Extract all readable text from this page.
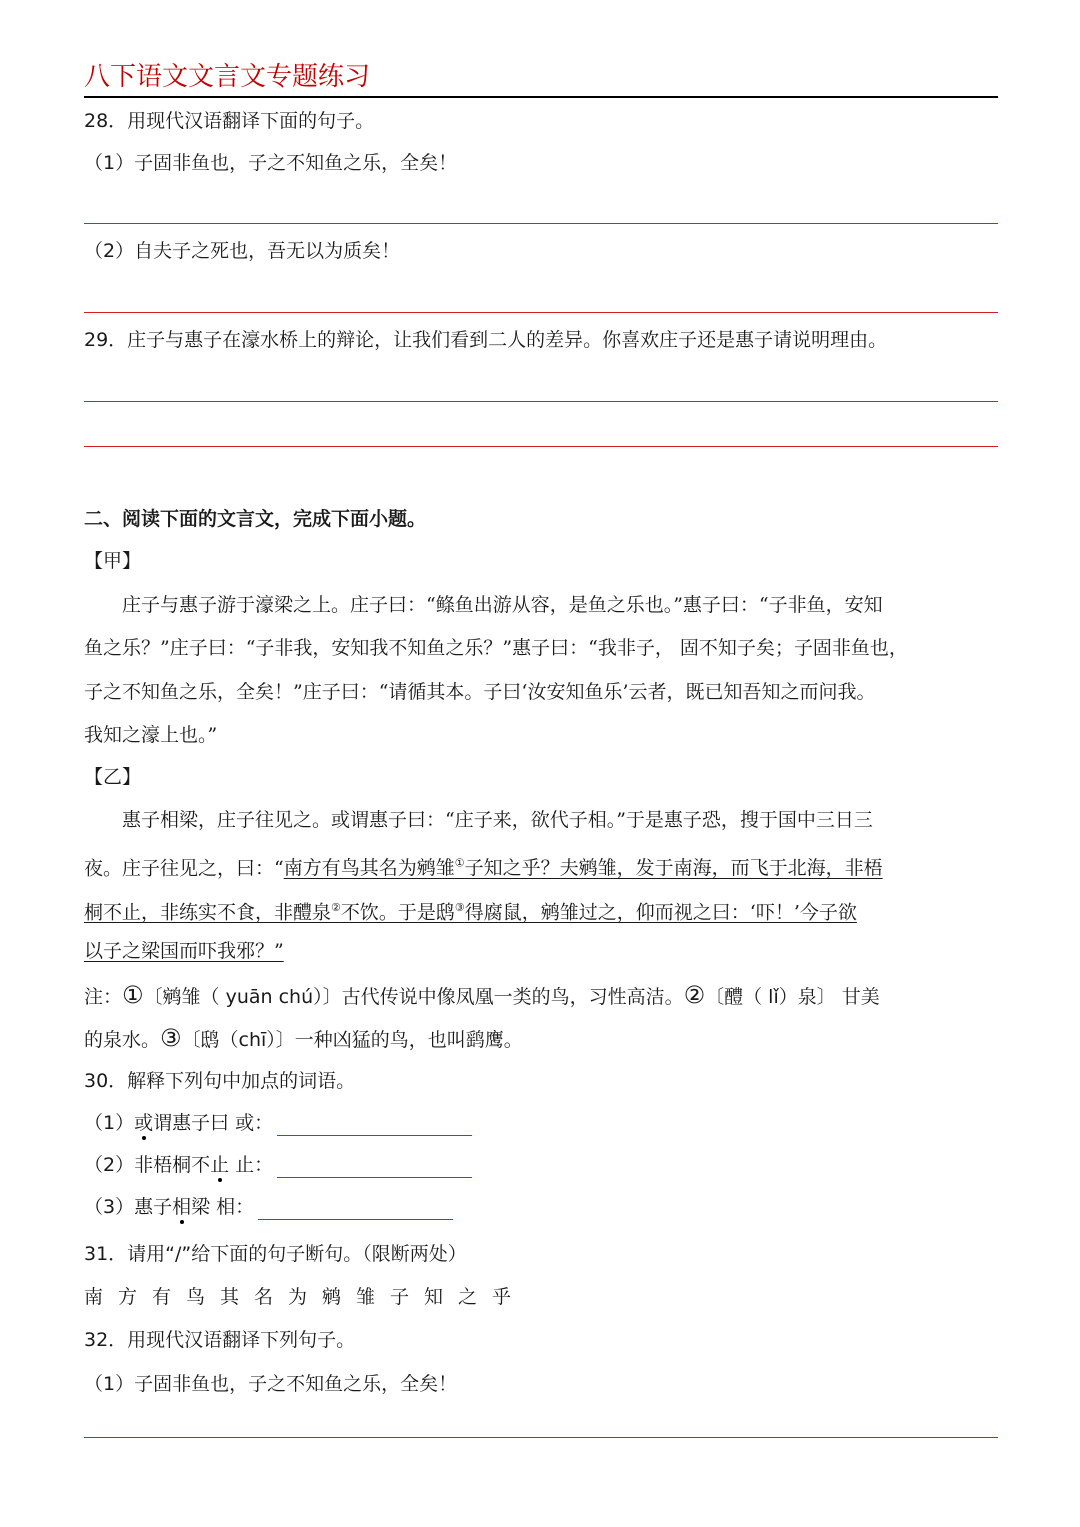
八下语文文言文专题练习
28．用现代汉语翻译下面的句子。
（1）子固非鱼也，子之不知鱼之乐，全矣！
（2）自夫子之死也，吾无以为质矣！
29．庄子与惠子在濠水桥上的辩论，让我们看到二人的差异。你喜欢庄子还是惠子请说明理由。
二、阅读下面的文言文，完成下面小题。
【甲】
庄子与惠子游于濠梁之上。庄子曰：“鲦鱼出游从容，是鱼之乐也。”惠子曰：“子非鱼，安知
鱼之乐？”庄子曰：“子非我，安知我不知鱼之乐？”惠子曰：“我非子， 固不知子矣；子固非鱼也，
子之不知鱼之乐，全矣！”庄子曰：“请循其本。子曰‘汝安知鱼乐’云者，既已知吾知之而问我。
我知之濠上也。”
【乙】
惠子相梁，庄子往见之。或谓惠子曰：“庄子来，欲代子相。”于是惠子恐，搜于国中三日三
夜。庄子往见之，曰：“南方有鸟其名为鹓雏①子知之乎？夫鹓雏，发于南海，而飞于北海，非梧
桐不止，非练实不食，非醴泉②不饮。于是鸱③得腐鼠，鹓雏过之，仰而视之曰：‘吓！’今子欲
以子之梁国而吓我邪？”
注：①〔鹓雏（ yuān chú）〕古代传说中像凤凰一类的鸟，习性高洁。②〔醴（ lǐ）泉〕 甘美
的泉水。③〔鸱（chī）〕一种凶猛的鸟，也叫鹞鹰。
30．解释下列句中加点的词语。
（1）或谓惠子曰 或：
（2）非梧桐不止 止：
（3）惠子相梁 相：
31．请用“/”给下面的句子断句。（限断两处）
南 方 有 鸟 其 名 为 鹓 雏 子 知 之 乎
32．用现代汉语翻译下列句子。
（1）子固非鱼也，子之不知鱼之乐，全矣！
